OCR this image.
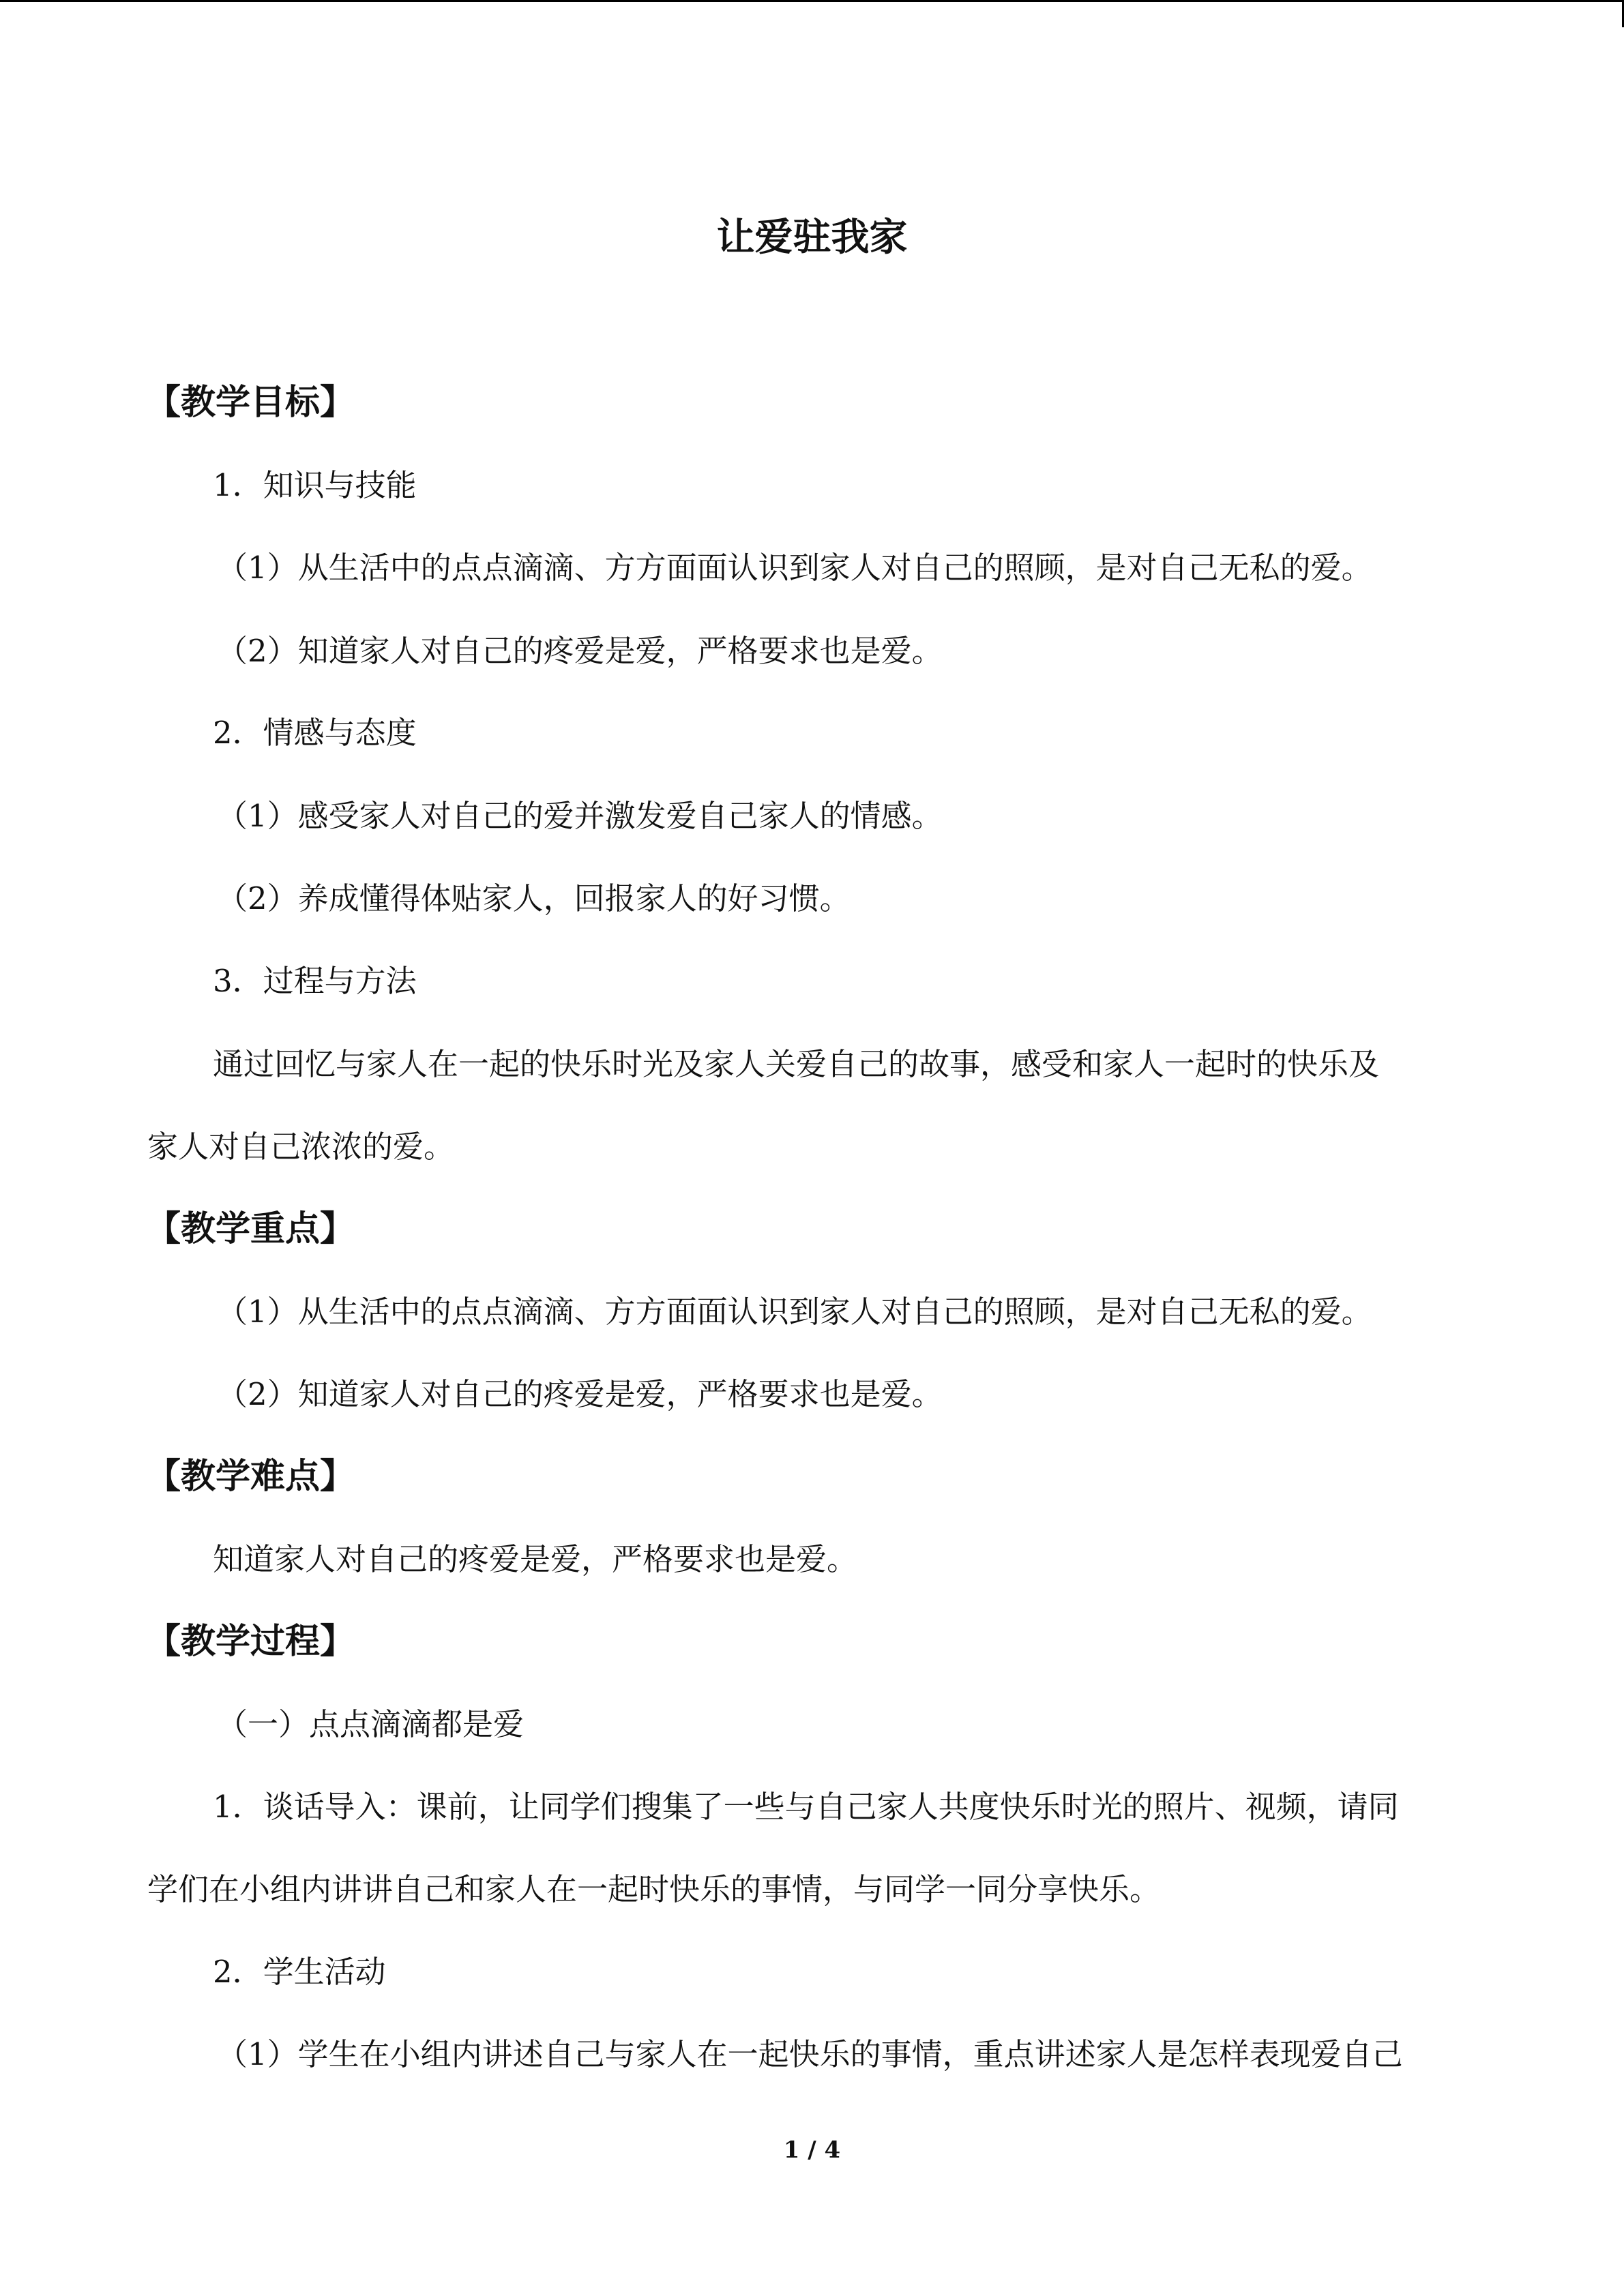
让爱驻我家
【教学目标】
1．知识与技能
（1）从生活中的点点滴滴、方方面面认识到家人对自己的照顾，是对自己无私的爱。
（2）知道家人对自己的疼爱是爱，严格要求也是爱。
2．情感与态度
（1）感受家人对自己的爱并激发爱自己家人的情感。
（2）养成懂得体贴家人，回报家人的好习惯。
3．过程与方法
通过回忆与家人在一起的快乐时光及家人关爱自己的故事，感受和家人一起时的快乐及
家人对自己浓浓的爱。
【教学重点】
（1）从生活中的点点滴滴、方方面面认识到家人对自己的照顾，是对自己无私的爱。
（2）知道家人对自己的疼爱是爱，严格要求也是爱。
【教学难点】
知道家人对自己的疼爱是爱，严格要求也是爱。
【教学过程】
（一）点点滴滴都是爱
1．谈话导入：课前，让同学们搜集了一些与自己家人共度快乐时光的照片、视频，请同
学们在小组内讲讲自己和家人在一起时快乐的事情，与同学一同分享快乐。
2．学生活动
（1）学生在小组内讲述自己与家人在一起快乐的事情，重点讲述家人是怎样表现爱自己
1 / 4
